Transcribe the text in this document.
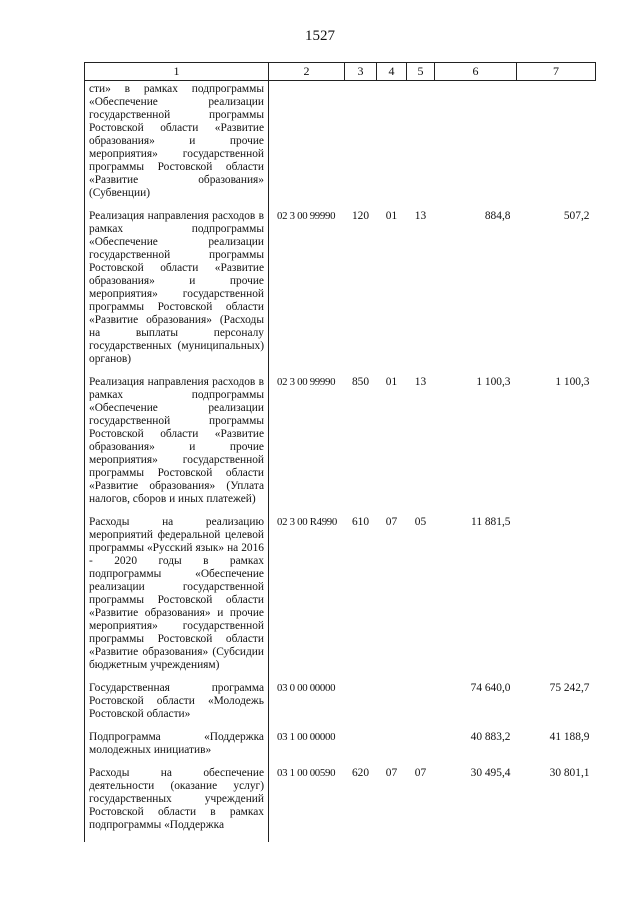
1527
1	2	3	4	5	6	7
сти» в рамках подпрограммы «Обеспечение реализации государственной программы Ростовской области «Развитие образования» и прочие мероприятия» государственной программы Ростовской области «Развитие образования» (Субвенции)						
Реализация направления расходов в рамках подпрограммы «Обеспечение реализации государственной программы Ростовской области «Развитие образования» и прочие мероприятия» государственной программы Ростовской области «Развитие образования» (Расходы на выплаты персоналу государственных (муниципальных) органов)	02 3 00 99990	120	01	13	884,8	507,2
Реализация направления расходов в рамках подпрограммы «Обеспечение реализации государственной программы Ростовской области «Развитие образования» и прочие мероприятия» государственной программы Ростовской области «Развитие образования» (Уплата налогов, сборов и иных платежей)	02 3 00 99990	850	01	13	1 100,3	1 100,3
Расходы на реализацию мероприятий федеральной целевой программы «Русский язык» на 2016 - 2020 годы в рамках подпрограммы «Обеспечение реализации государственной программы Ростовской области «Развитие образования» и прочие мероприятия» государственной программы Ростовской области «Развитие образования» (Субсидии бюджетным учреждениям)	02 3 00 R4990	610	07	05	11 881,5	
Государственная программа Ростовской области «Молодежь Ростовской области»	03 0 00 00000				74 640,0	75 242,7
Подпрограмма «Поддержка молодежных инициатив»	03 1 00 00000				40 883,2	41 188,9
Расходы на обеспечение деятельности (оказание услуг) государственных учреждений Ростовской области в рамках подпрограммы «Поддержка	03 1 00 00590	620	07	07	30 495,4	30 801,1
